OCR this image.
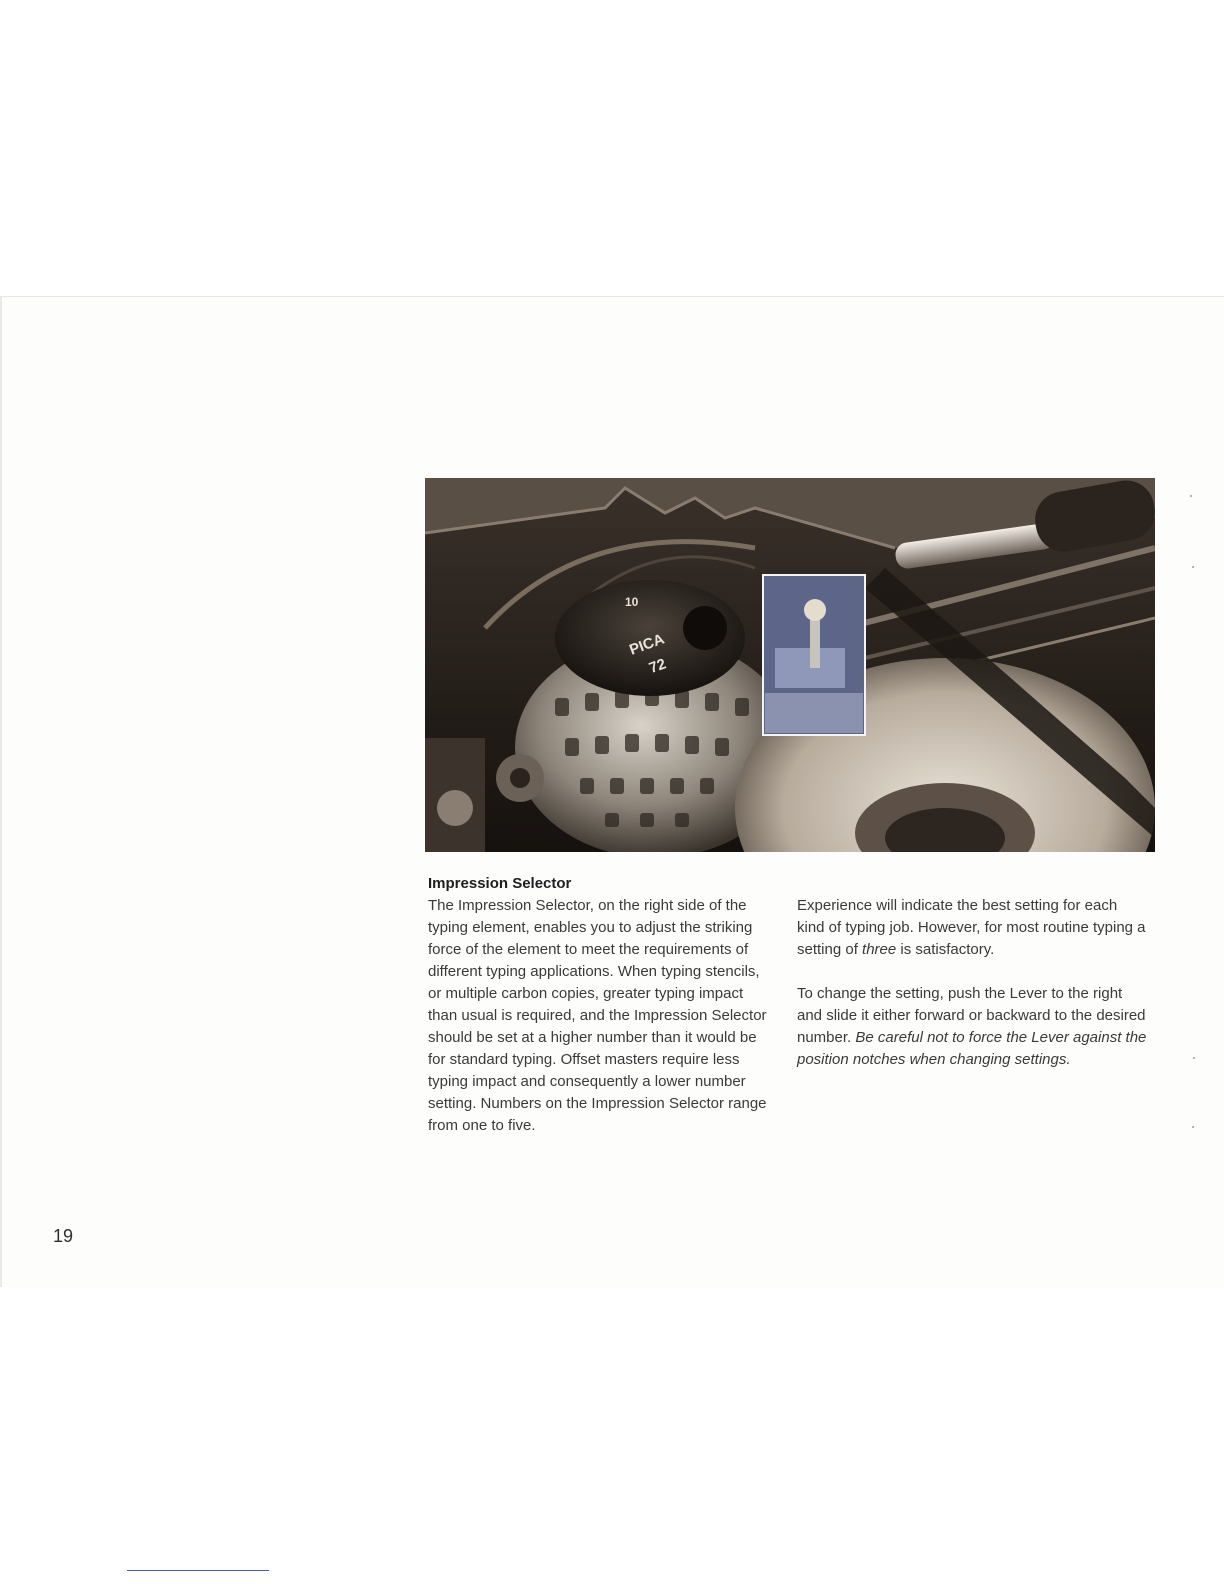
10
PICA
72
Impression Selector

The Impression Selector, on the right side of the typing element, enables you to adjust the striking force of the element to meet the requirements of different typing applications. When typing stencils, or multiple carbon copies, greater typing impact than usual is required, and the Impression Selector should be set at a higher number than it would be for standard typing. Offset masters require less typing impact and consequently a lower number setting. Numbers on the Impression Selector range from one to five.

Experience will indicate the best setting for each kind of typing job. However, for most routine typing a setting of three is satisfactory.

To change the setting, push the Lever to the right and slide it either forward or backward to the desired number. Be careful not to force the Lever against the position notches when changing settings.

19
